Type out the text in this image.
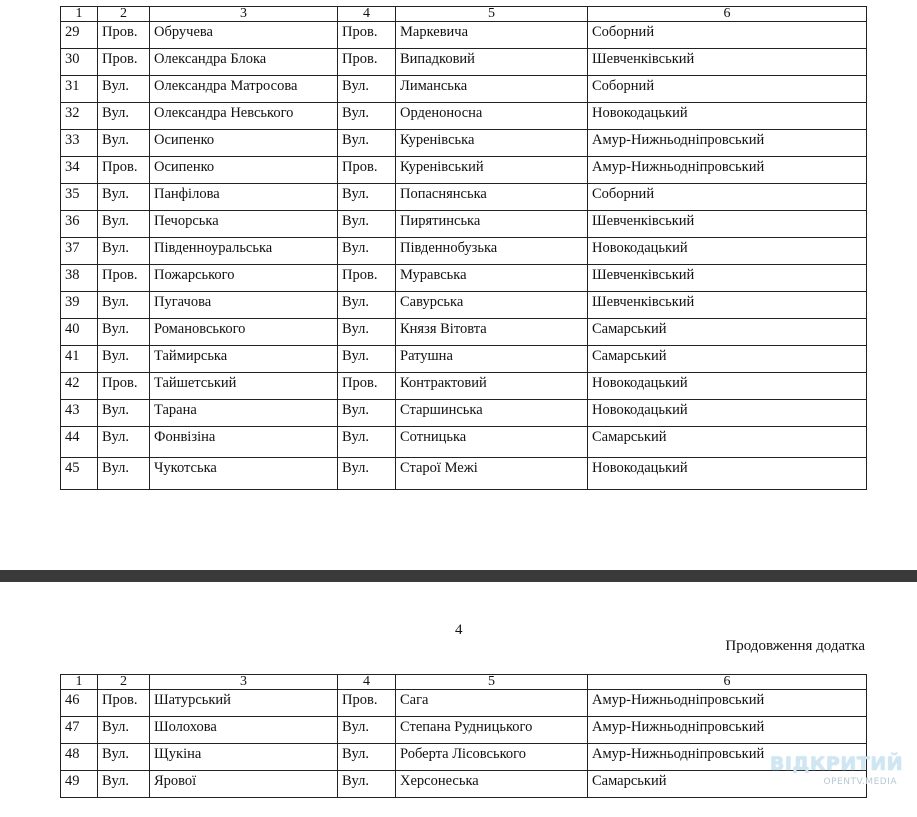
1	2	3	4	5	6
29	Пров.	Обручева	Пров.	Маркевича	Соборний
30	Пров.	Олександра Блока	Пров.	Випадковий	Шевченківський
31	Вул.	Олександра Матросова	Вул.	Лиманська	Соборний
32	Вул.	Олександра Невського	Вул.	Орденоносна	Новокодацький
33	Вул.	Осипенко	Вул.	Куренівська	Амур-Нижньодніпровський
34	Пров.	Осипенко	Пров.	Куренівський	Амур-Нижньодніпровський
35	Вул.	Панфілова	Вул.	Попаснянська	Соборний
36	Вул.	Печорська	Вул.	Пирятинська	Шевченківський
37	Вул.	Південноуральська	Вул.	Південнобузька	Новокодацький
38	Пров.	Пожарського	Пров.	Муравська	Шевченківський
39	Вул.	Пугачова	Вул.	Савурська	Шевченківський
40	Вул.	Романовського	Вул.	Князя Вітовта	Самарський
41	Вул.	Таймирська	Вул.	Ратушна	Самарський
42	Пров.	Тайшетський	Пров.	Контрактовий	Новокодацький
43	Вул.	Тарана	Вул.	Старшинська	Новокодацький
44	Вул.	Фонвізіна	Вул.	Сотницька	Самарський
45	Вул.	Чукотська	Вул.	Старої Межі	Новокодацький
4
Продовження додатка
1	2	3	4	5	6
46	Пров.	Шатурський	Пров.	Сага	Амур-Нижньодніпровський
47	Вул.	Шолохова	Вул.	Степана Рудницького	Амур-Нижньодніпровський
48	Вул.	Щукіна	Вул.	Роберта Лісовського	Амур-Нижньодніпровський
49	Вул.	Ярової	Вул.	Херсонеська	Самарський
ВІДКРИТИЙ
OPENTV.MEDIA
